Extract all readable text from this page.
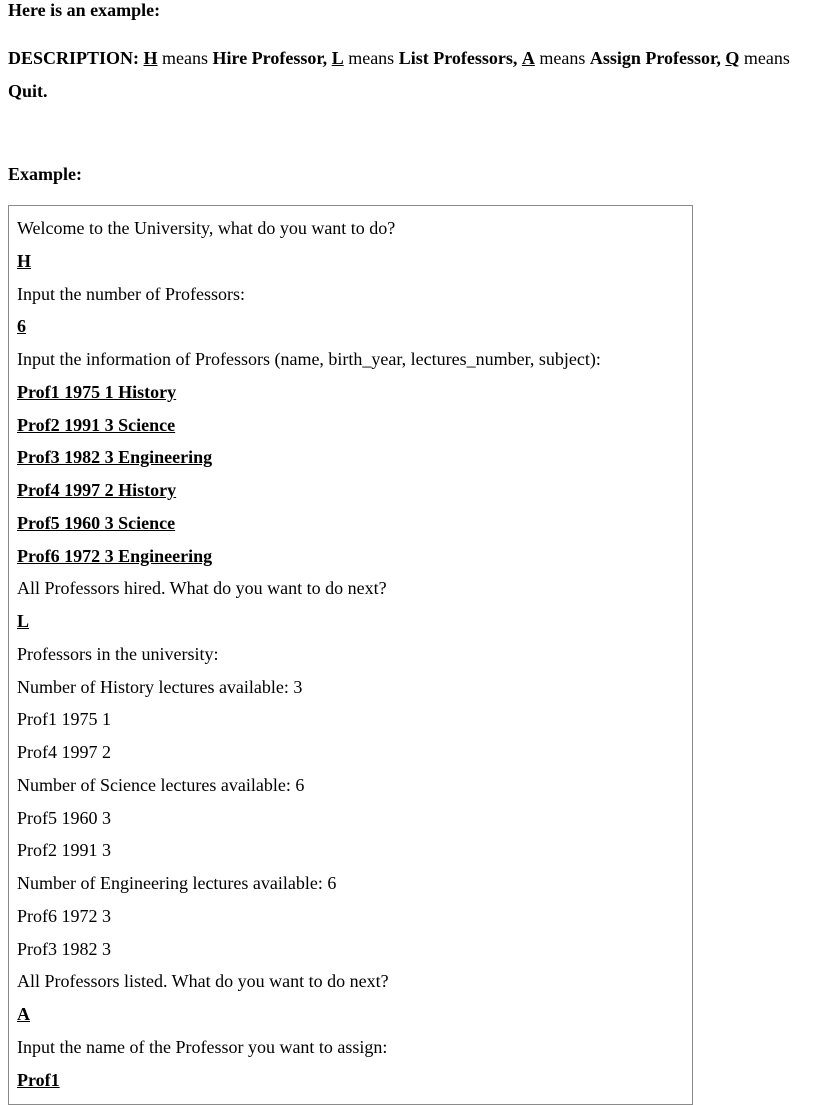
Here is an example:
DESCRIPTION: H means Hire Professor, L means List Professors, A means Assign Professor, Q means Quit.
Example:
Welcome to the University, what do you want to do?
H
Input the number of Professors:
6
Input the information of Professors (name, birth_year, lectures_number, subject):
Prof1 1975 1 History
Prof2 1991 3 Science
Prof3 1982 3 Engineering
Prof4 1997 2 History
Prof5 1960 3 Science
Prof6 1972 3 Engineering
All Professors hired. What do you want to do next?
L
Professors in the university:
Number of History lectures available: 3
Prof1 1975 1
Prof4 1997 2
Number of Science lectures available: 6
Prof5 1960 3
Prof2 1991 3
Number of Engineering lectures available: 6
Prof6 1972 3
Prof3 1982 3
All Professors listed. What do you want to do next?
A
Input the name of the Professor you want to assign:
Prof1
